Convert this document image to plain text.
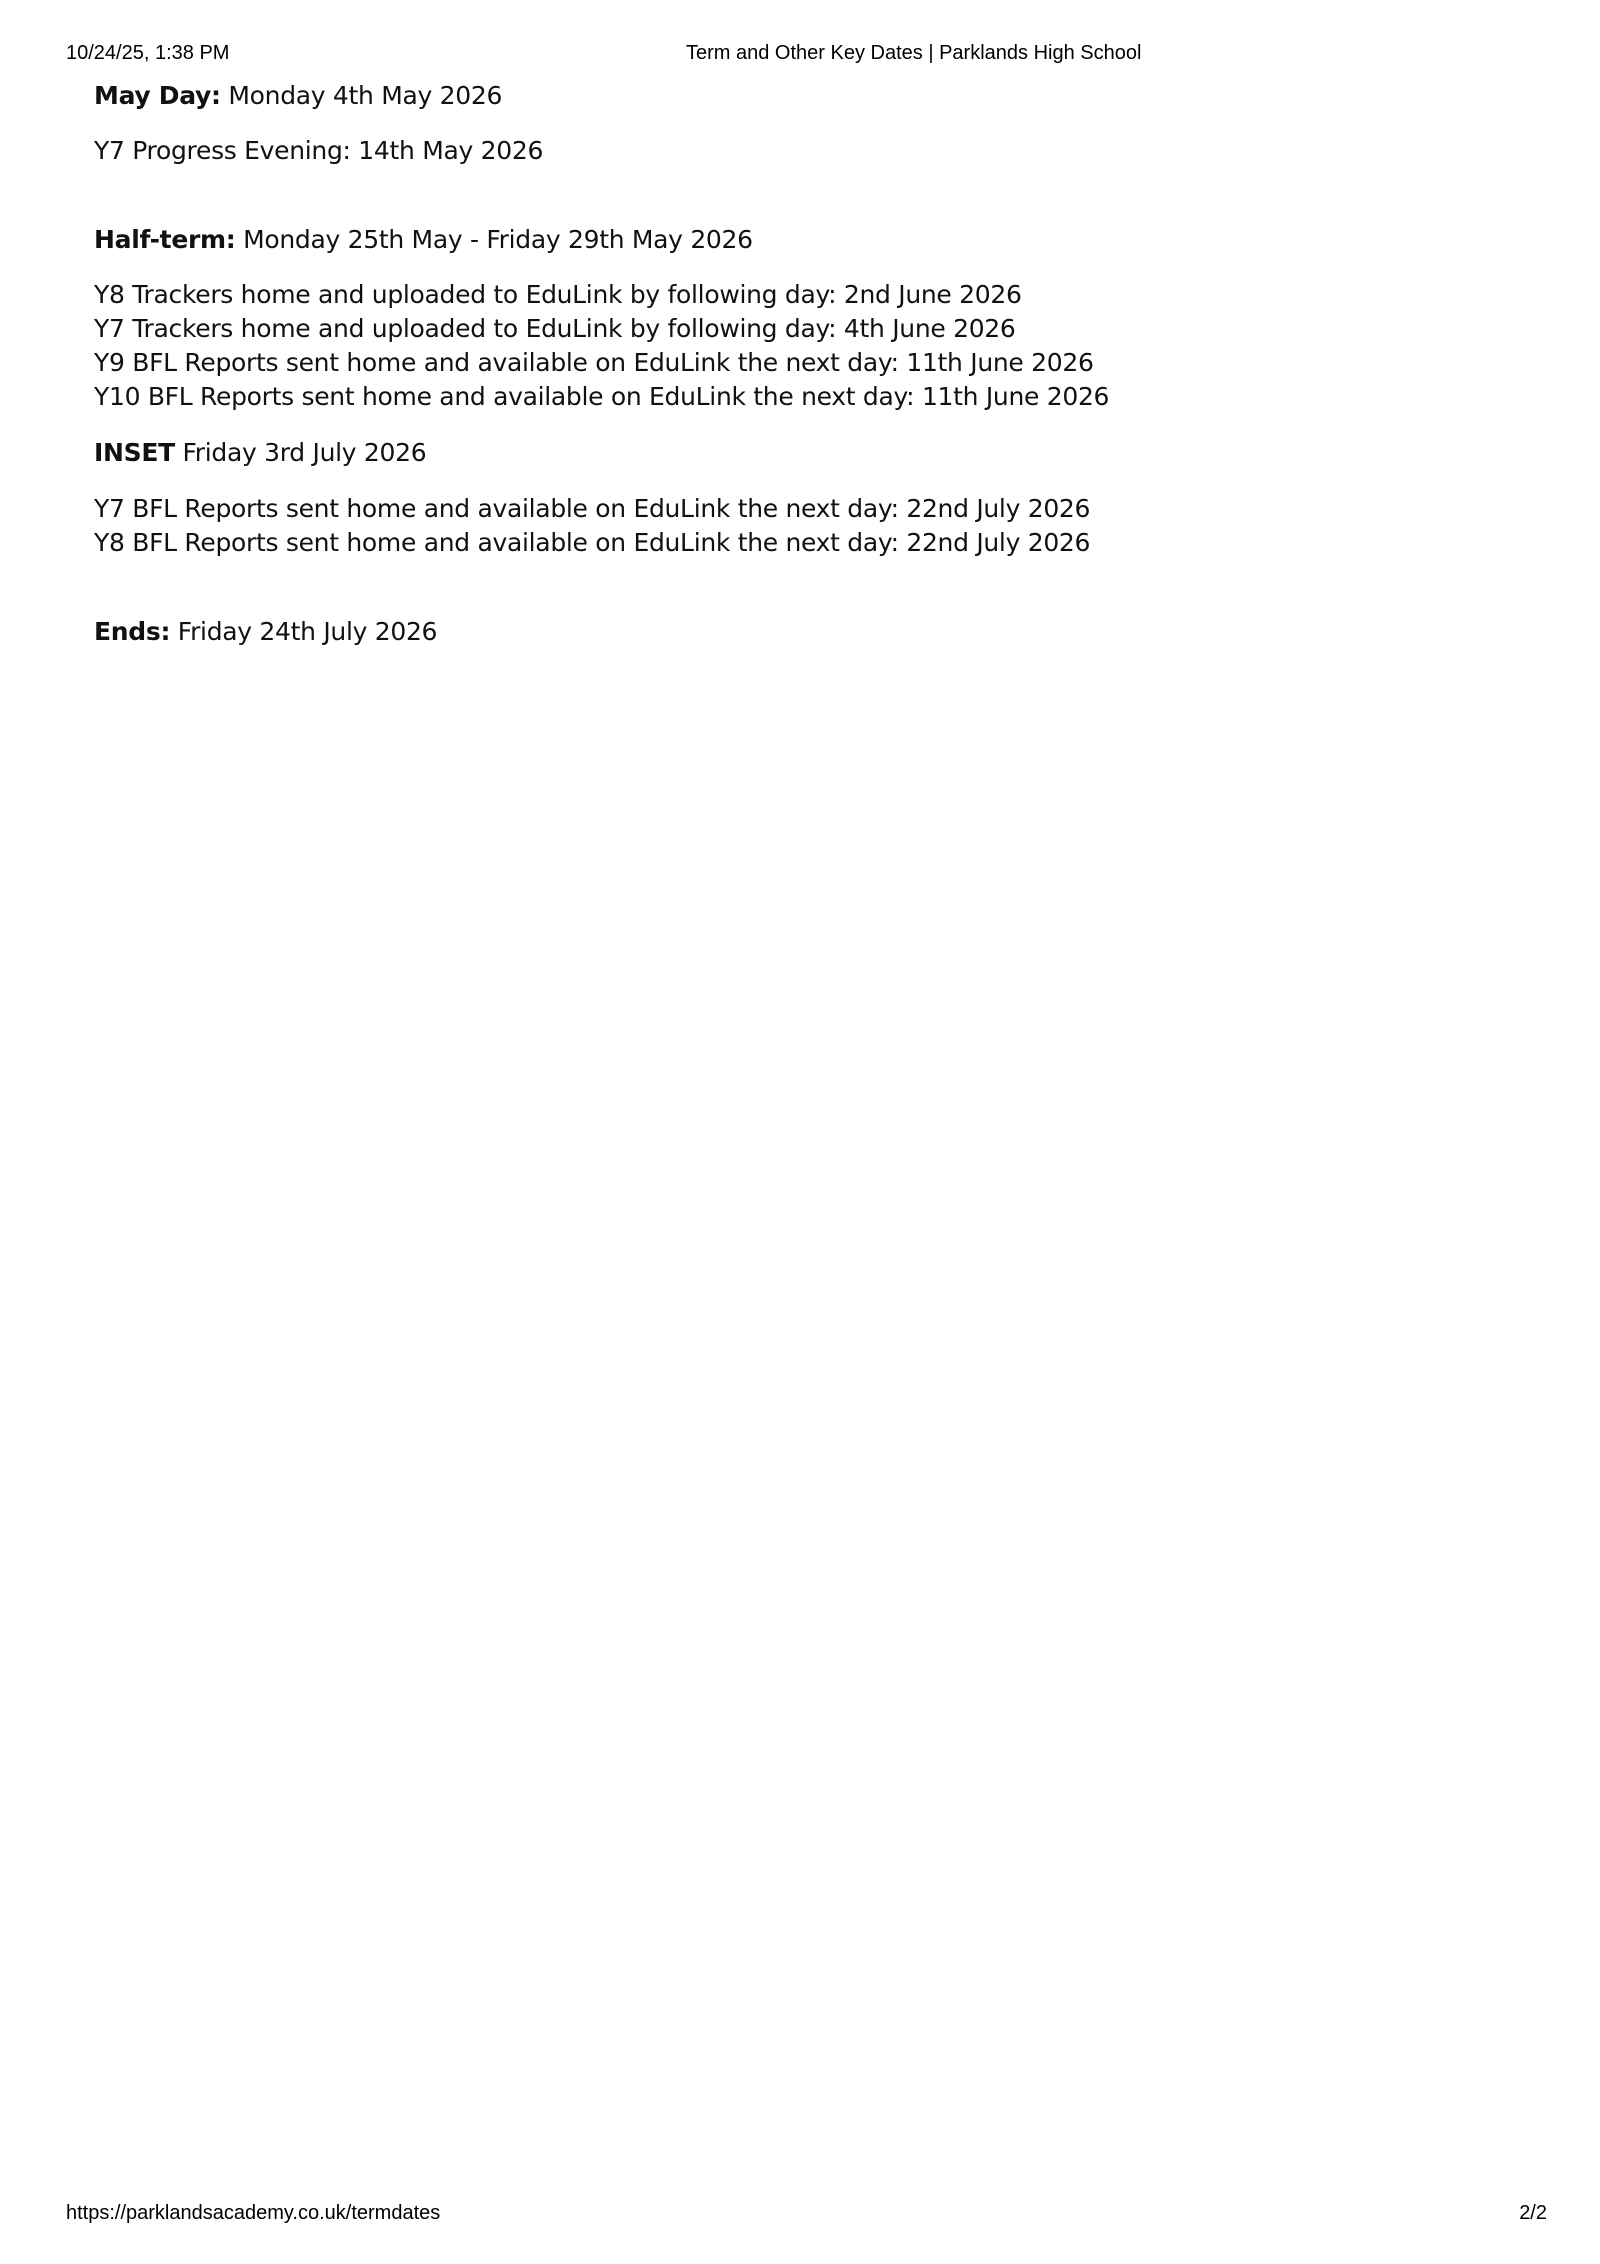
10/24/25, 1:38 PM	Term and Other Key Dates | Parklands High School
May Day: Monday 4th May 2026
Y7 Progress Evening: 14th May 2026
Half-term: Monday 25th May - Friday 29th May 2026
Y8 Trackers home and uploaded to EduLink by following day: 2nd June 2026
Y7 Trackers home and uploaded to EduLink by following day: 4th June 2026
Y9 BFL Reports sent home and available on EduLink the next day: 11th June 2026
Y10 BFL Reports sent home and available on EduLink the next day: 11th June 2026
INSET Friday 3rd July 2026
Y7 BFL Reports sent home and available on EduLink the next day: 22nd July 2026
Y8 BFL Reports sent home and available on EduLink the next day: 22nd July 2026
Ends: Friday 24th July 2026
https://parklandsacademy.co.uk/termdates	2/2
